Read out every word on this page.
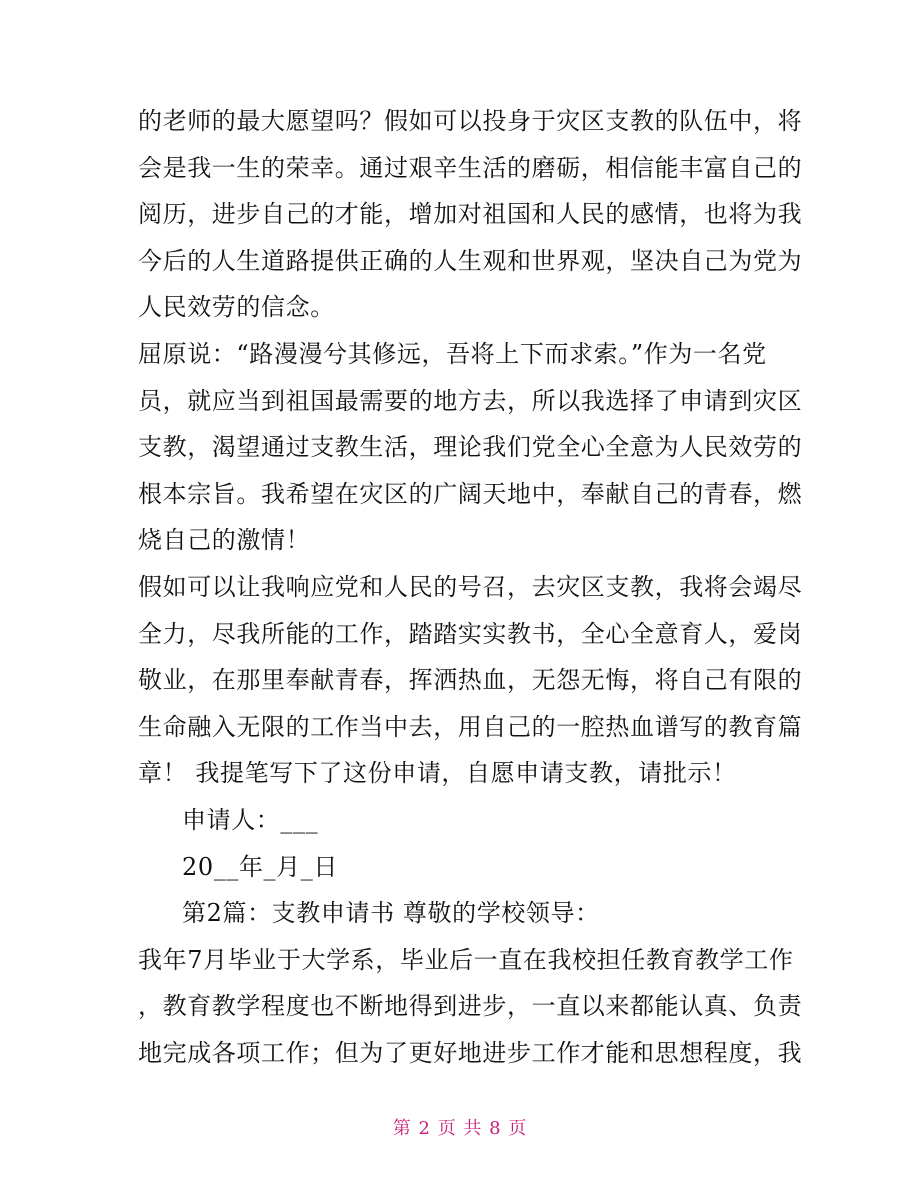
的老师的最大愿望吗？假如可以投身于灾区支教的队伍中，将
会是我一生的荣幸。通过艰辛生活的磨砺，相信能丰富自己的
阅历，进步自己的才能，增加对祖国和人民的感情，也将为我
今后的人生道路提供正确的人生观和世界观，坚决自己为党为
人民效劳的信念。
屈原说：“路漫漫兮其修远，吾将上下而求索。”作为一名党
员，就应当到祖国最需要的地方去，所以我选择了申请到灾区
支教，渴望通过支教生活，理论我们党全心全意为人民效劳的
根本宗旨。我希望在灾区的广阔天地中，奉献自己的青春，燃
烧自己的激情！
假如可以让我响应党和人民的号召，去灾区支教，我将会竭尽
全力，尽我所能的工作，踏踏实实教书，全心全意育人，爱岗
敬业，在那里奉献青春，挥洒热血，无怨无悔，将自己有限的
生命融入无限的工作当中去，用自己的一腔热血谱写的教育篇
章！ 我提笔写下了这份申请，自愿申请支教，请批示！
申请人：___
20__年_月_日
第2篇：支教申请书 尊敬的学校领导：
我年7月毕业于大学系，毕业后一直在我校担任教育教学工作
，教育教学程度也不断地得到进步，一直以来都能认真、负责
地完成各项工作；但为了更好地进步工作才能和思想程度，我
第 2 页 共 8 页
